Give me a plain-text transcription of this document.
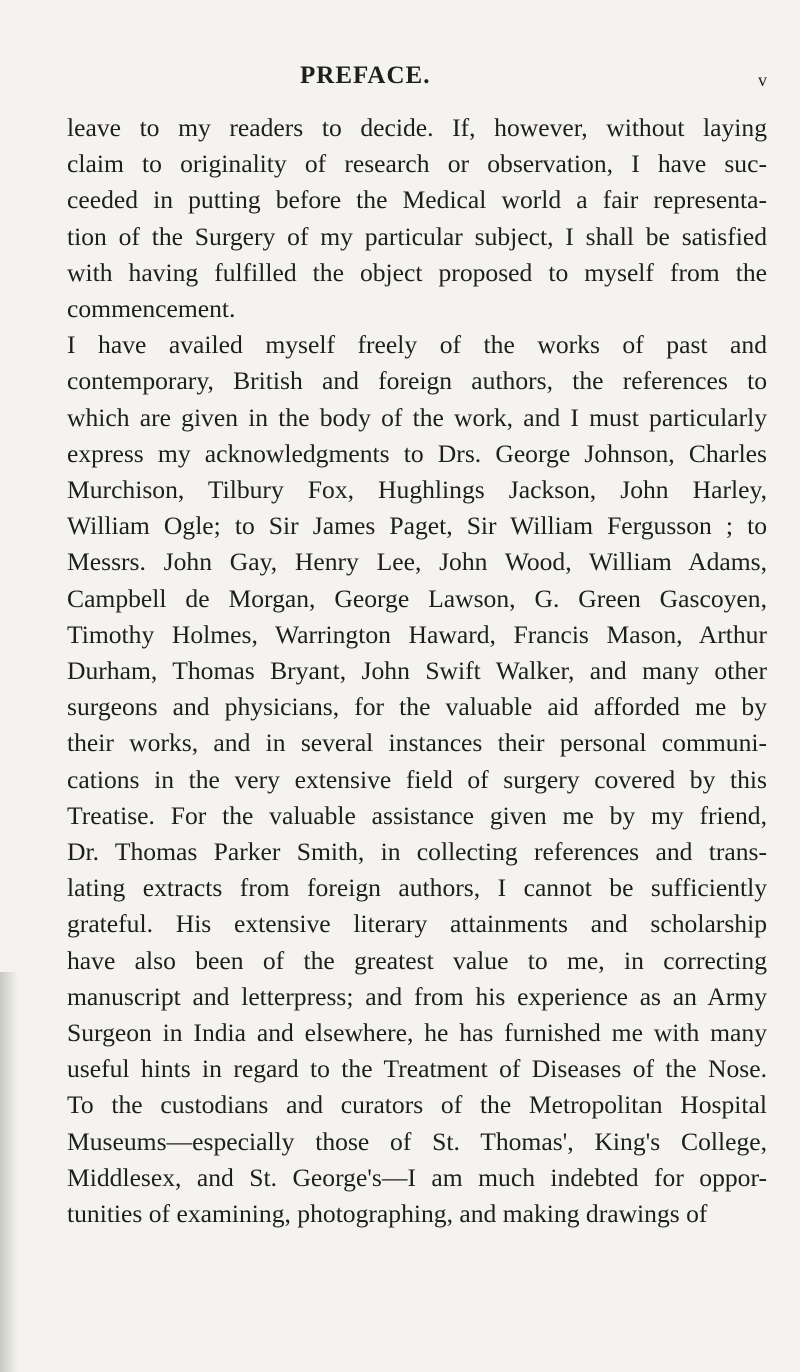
PREFACE.	v
leave to my readers to decide. If, however, without laying
claim to originality of research or observation, I have suc-
ceeded in putting before the Medical world a fair representa-
tion of the Surgery of my particular subject, I shall be satisfied
with having fulfilled the object proposed to myself from the
commencement.
I have availed myself freely of the works of past and
contemporary, British and foreign authors, the references to
which are given in the body of the work, and I must particularly
express my acknowledgments to Drs. George Johnson, Charles
Murchison, Tilbury Fox, Hughlings Jackson, John Harley,
William Ogle; to Sir James Paget, Sir William Fergusson ; to
Messrs. John Gay, Henry Lee, John Wood, William Adams,
Campbell de Morgan, George Lawson, G. Green Gascoyen,
Timothy Holmes, Warrington Haward, Francis Mason, Arthur
Durham, Thomas Bryant, John Swift Walker, and many other
surgeons and physicians, for the valuable aid afforded me by
their works, and in several instances their personal communi-
cations in the very extensive field of surgery covered by this
Treatise. For the valuable assistance given me by my friend,
Dr. Thomas Parker Smith, in collecting references and trans-
lating extracts from foreign authors, I cannot be sufficiently
grateful. His extensive literary attainments and scholarship
have also been of the greatest value to me, in correcting
manuscript and letterpress; and from his experience as an Army
Surgeon in India and elsewhere, he has furnished me with many
useful hints in regard to the Treatment of Diseases of the Nose.
To the custodians and curators of the Metropolitan Hospital
Museums—especially those of St. Thomas', King's College,
Middlesex, and St. George's—I am much indebted for oppor-
tunities of examining, photographing, and making drawings of
